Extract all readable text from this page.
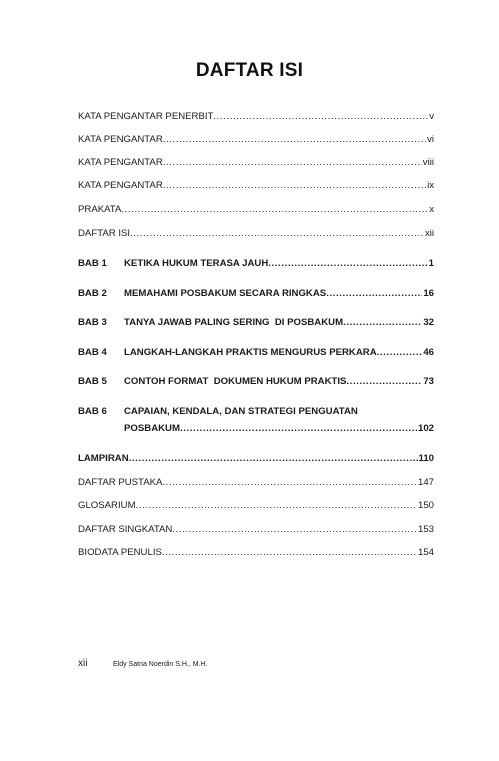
DAFTAR ISI
KATA PENGANTAR PENERBIT .....	v
KATA PENGANTAR .....	vi
KATA PENGANTAR .....	viii
KATA PENGANTAR .....	ix
PRAKATA .....	x
DAFTAR ISI .....	xii
BAB 1 KETIKA HUKUM TERASA JAUH .....	1
BAB 2 MEMAHAMI POSBAKUM SECARA RINGKAS .....	16
BAB 3 TANYA JAWAB PALING SERING  DI POSBAKUM .....	32
BAB 4 LANGKAH-LANGKAH PRAKTIS MENGURUS PERKARA .....	46
BAB 5 CONTOH FORMAT  DOKUMEN HUKUM PRAKTIS .....	73
BAB 6 CAPAIAN, KENDALA, DAN STRATEGI PENGUATAN
POSBAKUM .....	102
LAMPIRAN .....	110
DAFTAR PUSTAKA .....	147
GLOSARIUM .....	150
DAFTAR SINGKATAN .....	153
BIODATA PENULIS .....	154
xii	Eldy Satria Noerdin S.H., M.H.
